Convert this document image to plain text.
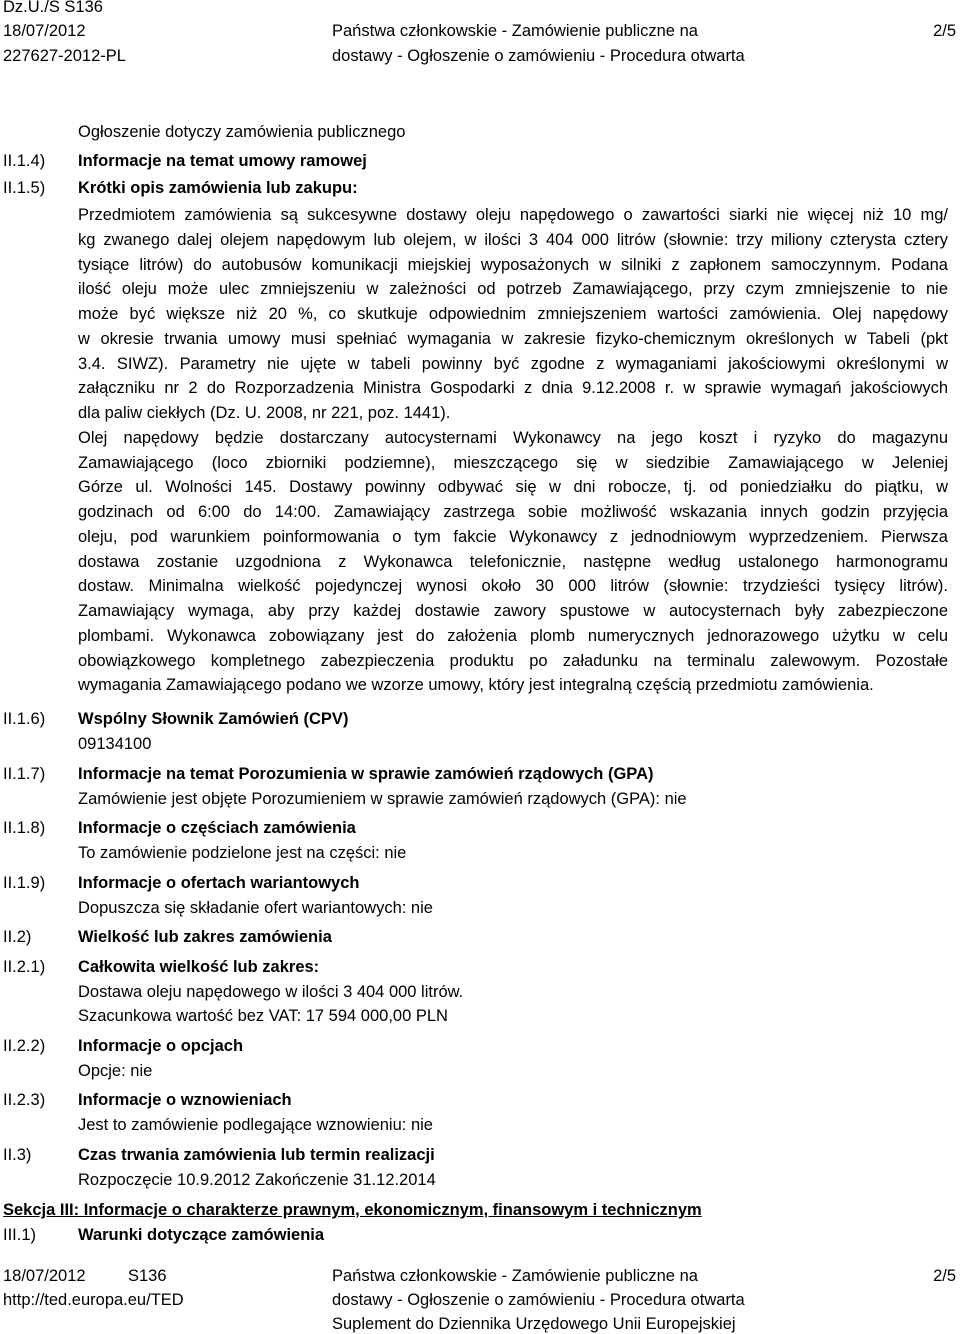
Dz.U./S S136
18/07/2012
227627-2012-PL
Państwa członkowskie - Zamówienie publiczne na
dostawy - Ogłoszenie o zamówieniu - Procedura otwarta
2/5
Ogłoszenie dotyczy zamówienia publicznego
II.1.4) Informacje na temat umowy ramowej
II.1.5) Krótki opis zamówienia lub zakupu:
Przedmiotem zamówienia są sukcesywne dostawy oleju napędowego o zawartości siarki nie więcej niż 10 mg/
kg zwanego dalej olejem napędowym lub olejem, w ilości 3 404 000 litrów (słownie: trzy miliony czterysta cztery
tysiące litrów) do autobusów komunikacji miejskiej wyposażonych w silniki z zapłonem samoczynnym. Podana
ilość oleju może ulec zmniejszeniu w zależności od potrzeb Zamawiającego, przy czym zmniejszenie to nie
może być większe niż 20 %, co skutkuje odpowiednim zmniejszeniem wartości zamówienia. Olej napędowy
w okresie trwania umowy musi spełniać wymagania w zakresie fizyko-chemicznym określonych w Tabeli (pkt
3.4. SIWZ). Parametry nie ujęte w tabeli powinny być zgodne z wymaganiami jakościowymi określonymi w
załączniku nr 2 do Rozporzadzenia Ministra Gospodarki z dnia 9.12.2008 r. w sprawie wymagań jakościowych
dla paliw ciekłych (Dz. U. 2008, nr 221, poz. 1441).
Olej napędowy będzie dostarczany autocysternami Wykonawcy na jego koszt i ryzyko do magazynu
Zamawiającego (loco zbiorniki podziemne), mieszczącego się w siedzibie Zamawiającego w Jeleniej
Górze ul. Wolności 145. Dostawy powinny odbywać się w dni robocze, tj. od poniedziałku do piątku, w
godzinach od 6:00 do 14:00. Zamawiający zastrzega sobie możliwość wskazania innych godzin przyjęcia
oleju, pod warunkiem poinformowania o tym fakcie Wykonawcy z jednodniowym wyprzedzeniem. Pierwsza
dostawa zostanie uzgodniona z Wykonawca telefonicznie, następne według ustalonego harmonogramu
dostaw. Minimalna wielkość pojedynczej wynosi około 30 000 litrów (słownie: trzydzieści tysięcy litrów).
Zamawiający wymaga, aby przy każdej dostawie zawory spustowe w autocysternach były zabezpieczone
plombami. Wykonawca zobowiązany jest do założenia plomb numerycznych jednorazowego użytku w celu
obowiązkowego kompletnego zabezpieczenia produktu po załadunku na terminalu zalewowym. Pozostałe
wymagania Zamawiającego podano we wzorze umowy, który jest integralną częścią przedmiotu zamówienia.
II.1.6) Wspólny Słownik Zamówień (CPV)
09134100
II.1.7) Informacje na temat Porozumienia w sprawie zamówień rządowych (GPA)
Zamówienie jest objęte Porozumieniem w sprawie zamówień rządowych (GPA): nie
II.1.8) Informacje o częściach zamówienia
To zamówienie podzielone jest na części: nie
II.1.9) Informacje o ofertach wariantowych
Dopuszcza się składanie ofert wariantowych: nie
II.2)	Wielkość lub zakres zamówienia
II.2.1) Całkowita wielkość lub zakres:
Dostawa oleju napędowego w ilości 3 404 000 litrów.
Szacunkowa wartość bez VAT: 17 594 000,00 PLN
II.2.2) Informacje o opcjach
Opcje: nie
II.2.3) Informacje o wznowieniach
Jest to zamówienie podlegające wznowieniu: nie
II.3)	Czas trwania zamówienia lub termin realizacji
Rozpoczęcie 10.9.2012 Zakończenie 31.12.2014
Sekcja III: Informacje o charakterze prawnym, ekonomicznym, finansowym i technicznym
III.1)	Warunki dotyczące zamówienia
18/07/2012	S136
http://ted.europa.eu/TED
Państwa członkowskie - Zamówienie publiczne na
dostawy - Ogłoszenie o zamówieniu - Procedura otwarta
Suplement do Dziennika Urzędowego Unii Europejskiej
2/5
